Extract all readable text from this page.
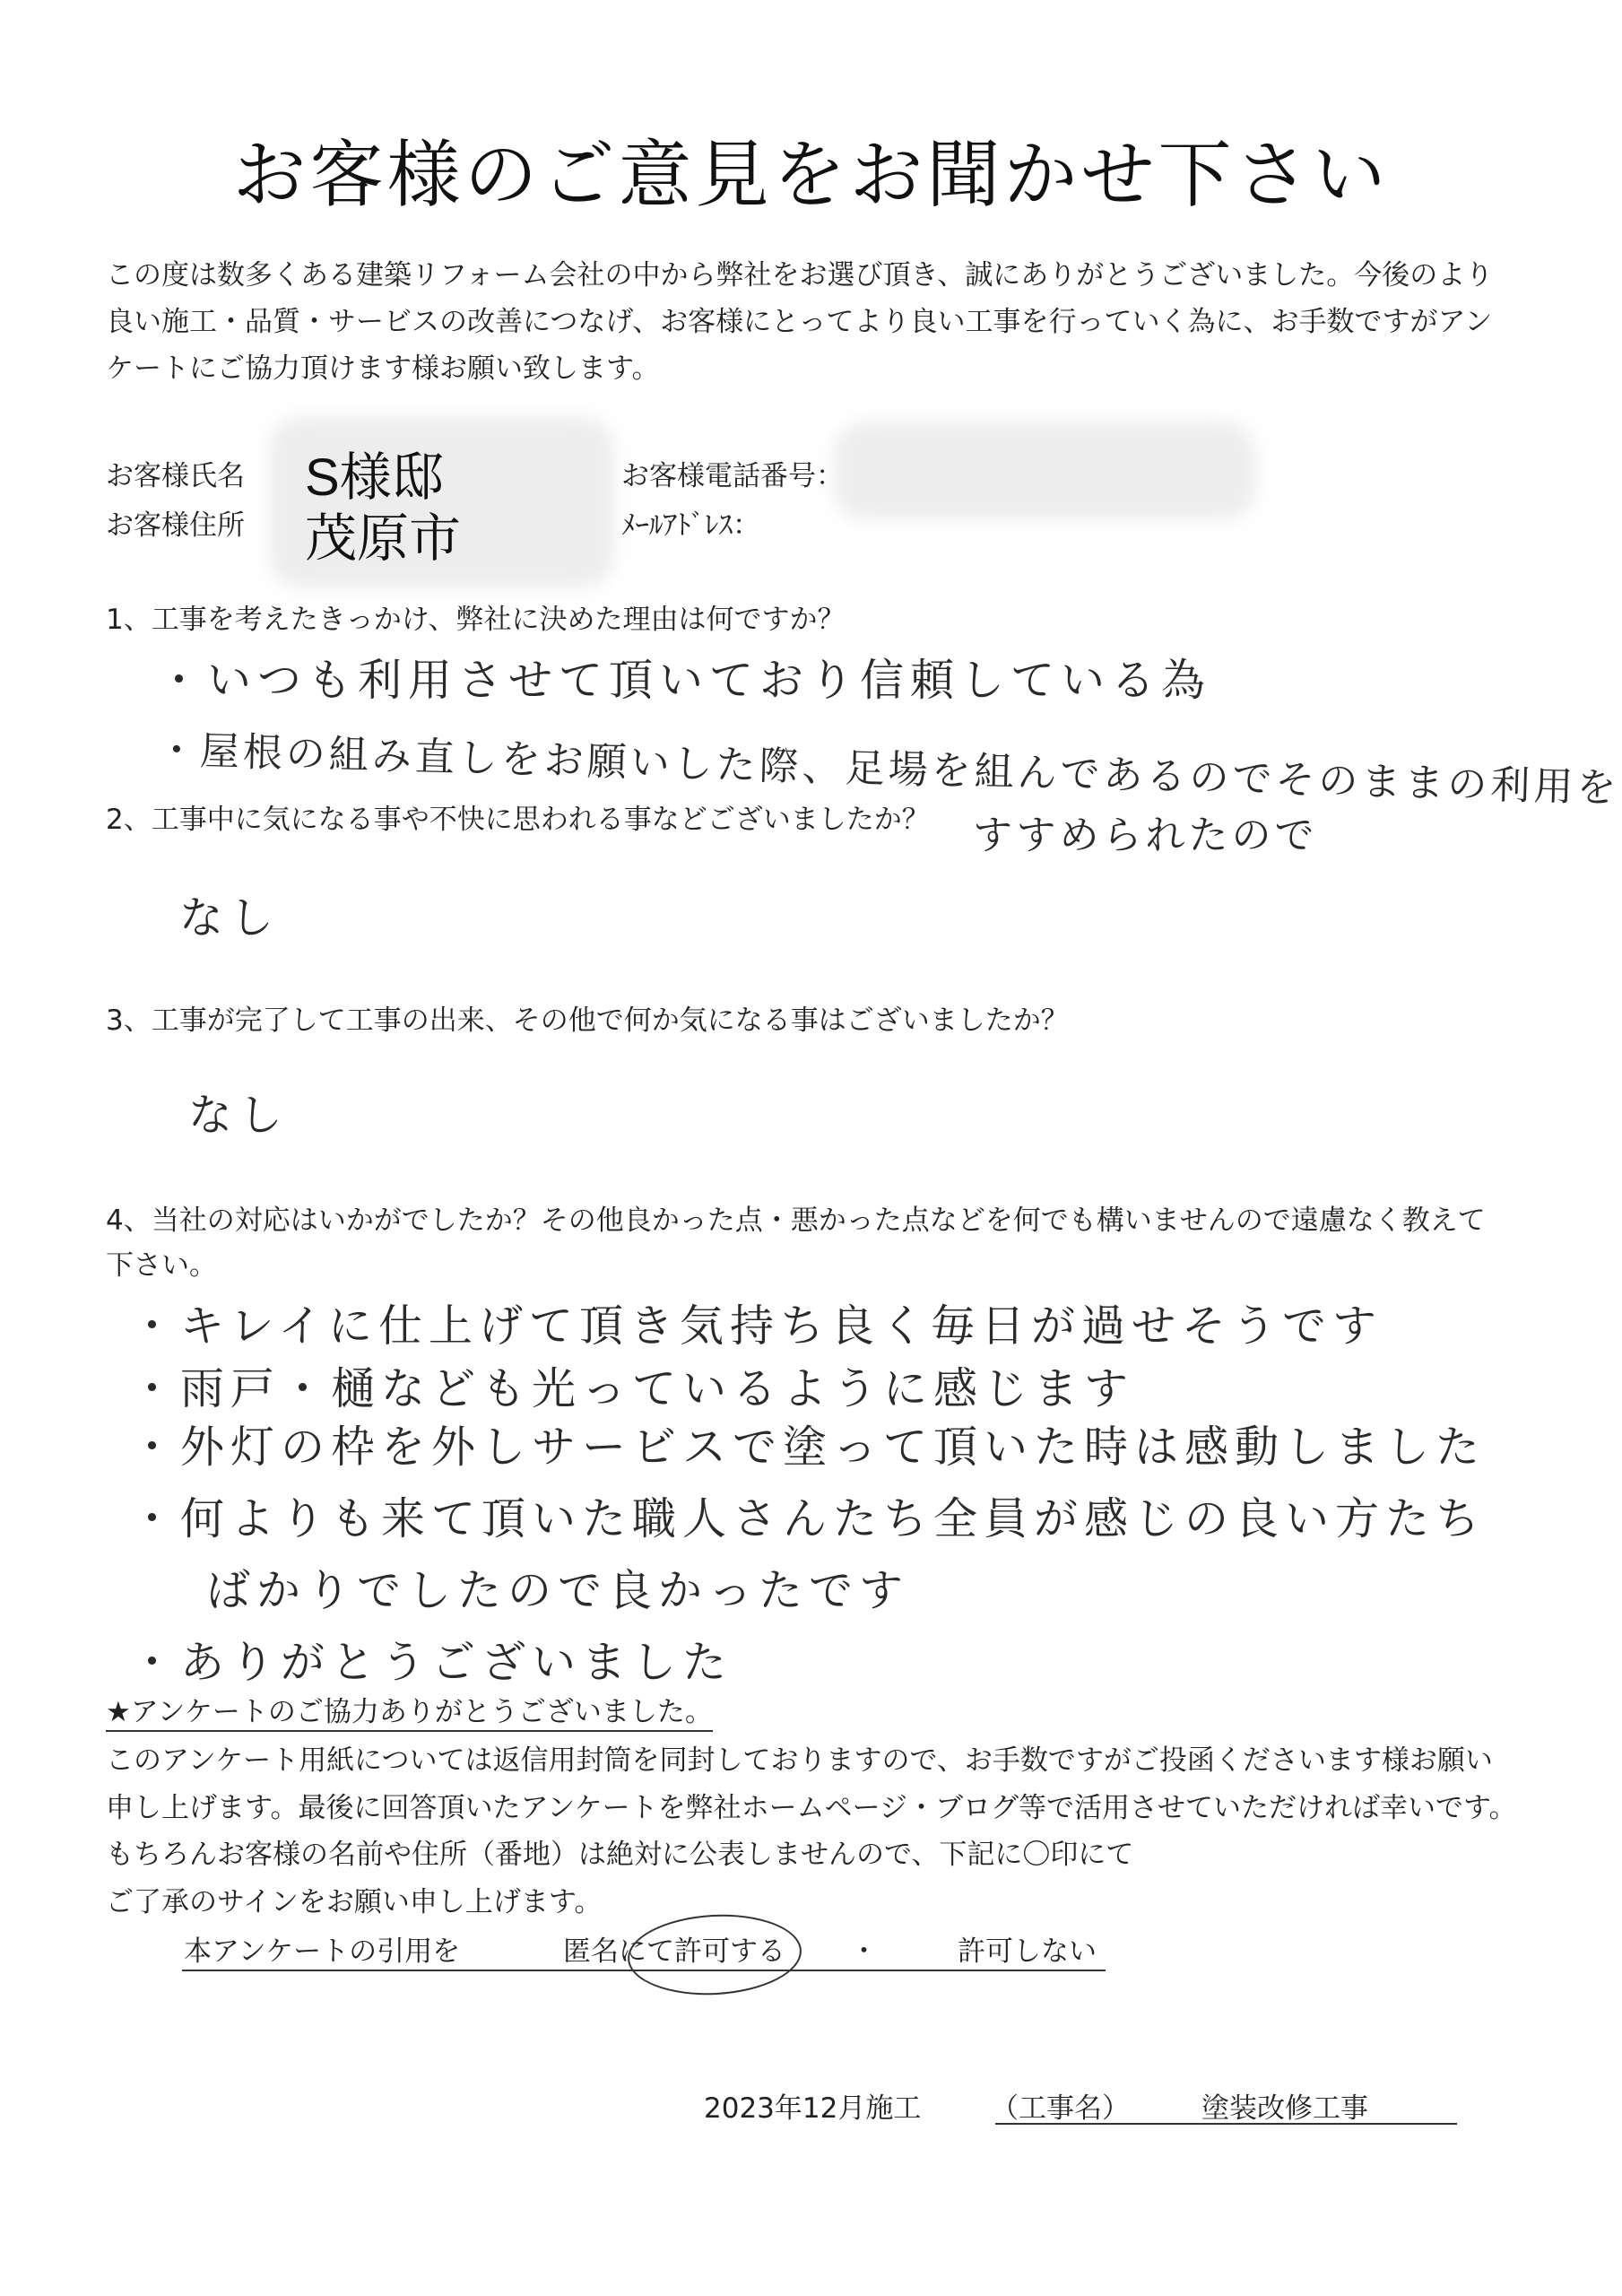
お客様のご意見をお聞かせ下さい
この度は数多くある建築リフォーム会社の中から弊社をお選び頂き、誠にありがとうございました。今後のより
良い施工・品質・サービスの改善につなげ、お客様にとってより良い工事を行っていく為に、お手数ですがアン
ケートにご協力頂けます様お願い致します。
お客様氏名 S様邸
お客様住所 茂原市
お客様電話番号：
ﾒｰﾙｱﾄﾞﾚｽ：
1、工事を考えたきっかけ、弊社に決めた理由は何ですか？
・いつも利用させて頂いており信頼している為
・屋根の組み直しをお願いした際、足場を組んであるのでそのままの利用を
すすめられたので
2、工事中に気になる事や不快に思われる事などございましたか？
なし
3、工事が完了して工事の出来、その他で何か気になる事はございましたか？
なし
4、当社の対応はいかがでしたか？その他良かった点・悪かった点などを何でも構いませんので遠慮なく教えて
下さい。
・キレイに仕上げて頂き気持ち良く毎日が過せそうです
・雨戸・樋なども光っているように感じます
・外灯の枠を外しサービスで塗って頂いた時は感動しました
・何よりも来て頂いた職人さんたち全員が感じの良い方たち
ばかりでしたので良かったです
・ありがとうございました
★アンケートのご協力ありがとうございました。
このアンケート用紙については返信用封筒を同封しておりますので、お手数ですがご投函くださいます様お願い
申し上げます。最後に回答頂いたアンケートを弊社ホームページ・ブログ等で活用させていただければ幸いです。
もちろんお客様の名前や住所（番地）は絶対に公表しませんので、下記に〇印にて
ご了承のサインをお願い申し上げます。
本アンケートの引用を	匿名にて許可する ・	許可しない
2023年12月施工	（工事名）	塗装改修工事
